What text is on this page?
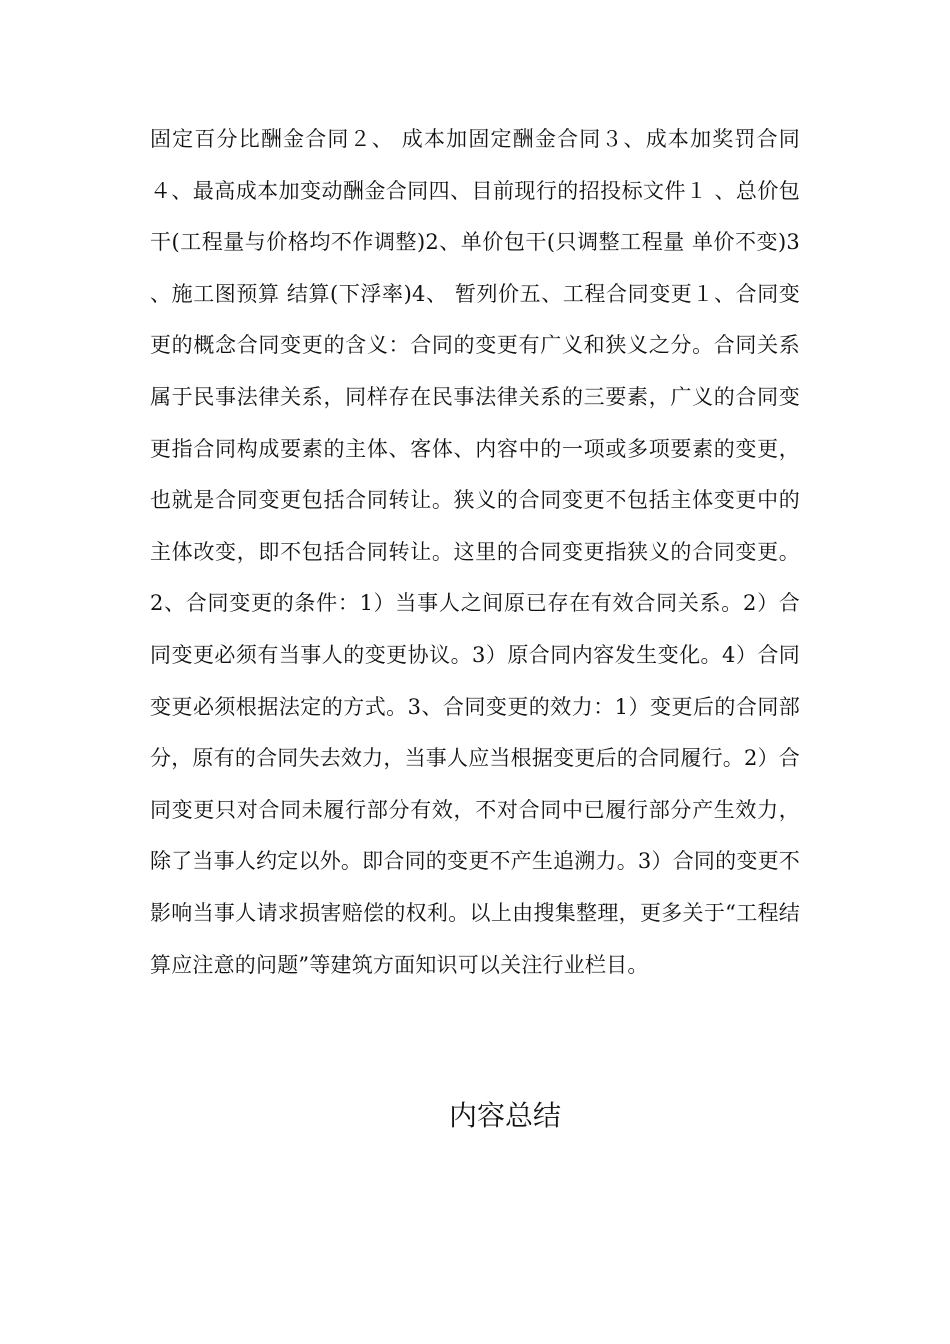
固定百分比酬金合同２、 成本加固定酬金合同３、成本加奖罚合同４、最高成本加变动酬金合同四、目前现行的招投标文件１ 、总价包干(工程量与价格均不作调整)2、单价包干(只调整工程量 单价不变)3 、施工图预算 结算(下浮率)4、 暂列价五、工程合同变更１、合同变更的概念合同变更的含义：合同的变更有广义和狭义之分。合同关系属于民事法律关系，同样存在民事法律关系的三要素，广义的合同变更指合同构成要素的主体、客体、内容中的一项或多项要素的变更，也就是合同变更包括合同转让。狭义的合同变更不包括主体变更中的主体改变，即不包括合同转让。这里的合同变更指狭义的合同变更。2、合同变更的条件：1）当事人之间原已存在有效合同关系。2）合同变更必须有当事人的变更协议。3）原合同内容发生变化。4）合同变更必须根据法定的方式。3、合同变更的效力：1）变更后的合同部分，原有的合同失去效力，当事人应当根据变更后的合同履行。2）合同变更只对合同未履行部分有效，不对合同中已履行部分产生效力，除了当事人约定以外。即合同的变更不产生追溯力。3）合同的变更不影响当事人请求损害赔偿的权利。以上由搜集整理，更多关于“工程结算应注意的问题”等建筑方面知识可以关注行业栏目。

内容总结
